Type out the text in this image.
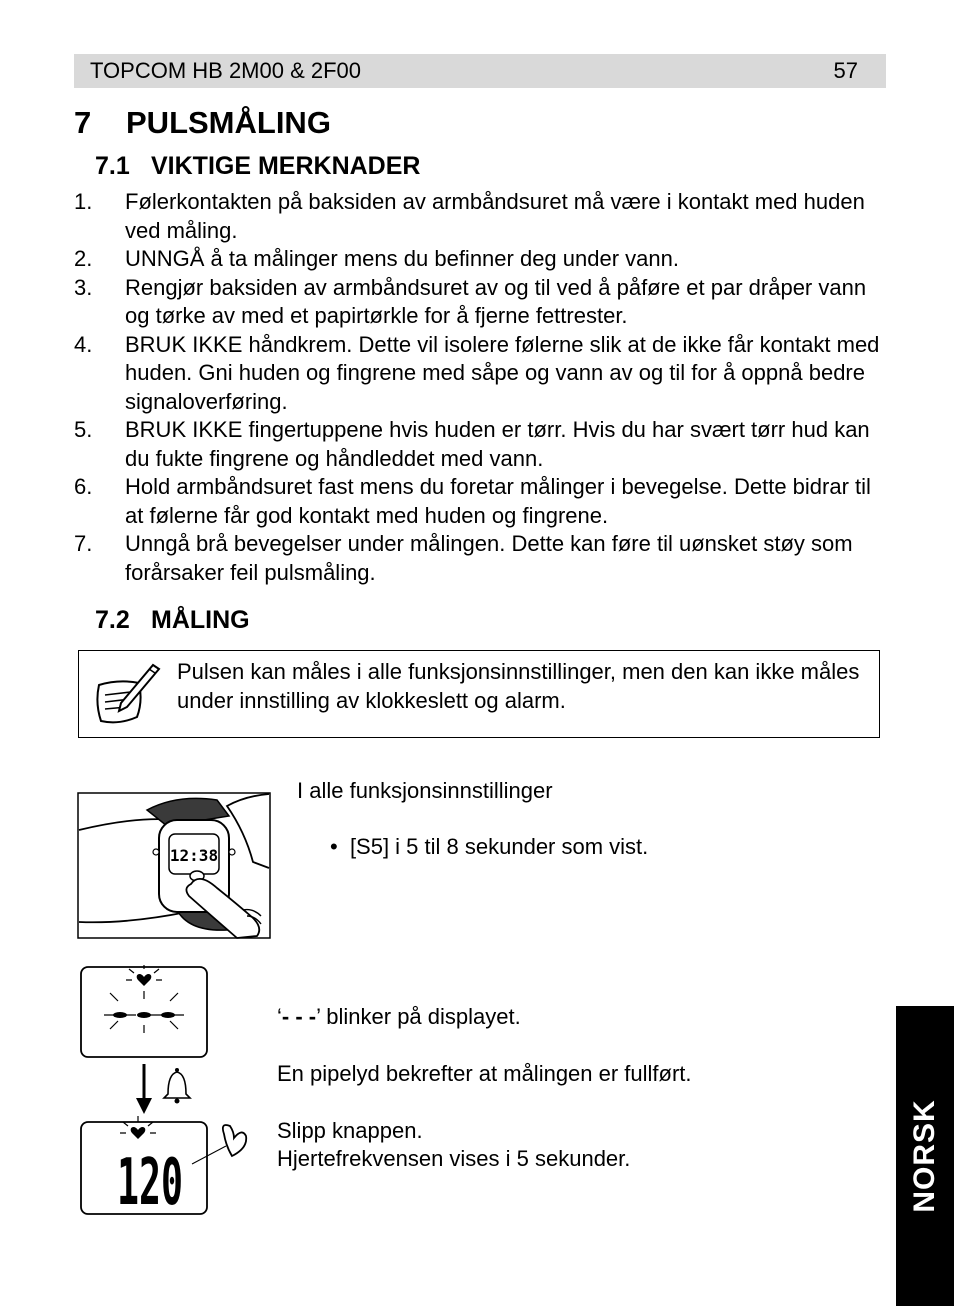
TOPCOM HB 2M00 & 2F00	57
7 PULSMÅLING
7.1 VIKTIGE MERKNADER
1. Følerkontakten på baksiden av armbåndsuret må være i kontakt med huden ved måling.
2. UNNGÅ å ta målinger mens du befinner deg under vann.
3. Rengjør baksiden av armbåndsuret av og til ved å påføre et par dråper vann og tørke av med et papirtørkle for å fjerne fettrester.
4. BRUK IKKE håndkrem. Dette vil isolere følerne slik at de ikke får kontakt med huden. Gni huden og fingrene med såpe og vann av og til for å oppnå bedre signaloverføring.
5. BRUK IKKE fingertuppene hvis huden er tørr. Hvis du har svært tørr hud kan du fukte fingrene og håndleddet med vann.
6. Hold armbåndsuret fast mens du foretar målinger i bevegelse. Dette bidrar til at følerne får god kontakt med huden og fingrene.
7. Unngå brå bevegelser under målingen. Dette kan føre til uønsket støy som forårsaker feil pulsmåling.
7.2 MÅLING
Pulsen kan måles i alle funksjonsinnstillinger, men den kan ikke måles under innstilling av klokkeslett og alarm.
I alle funksjonsinnstillinger
• [S5] i 5 til 8 sekunder som vist.
12:38
120
‘- - -’ blinker på displayet.
En pipelyd bekrefter at målingen er fullført.
Slipp knappen.
Hjertefrekvensen vises i 5 sekunder.	NORSK
